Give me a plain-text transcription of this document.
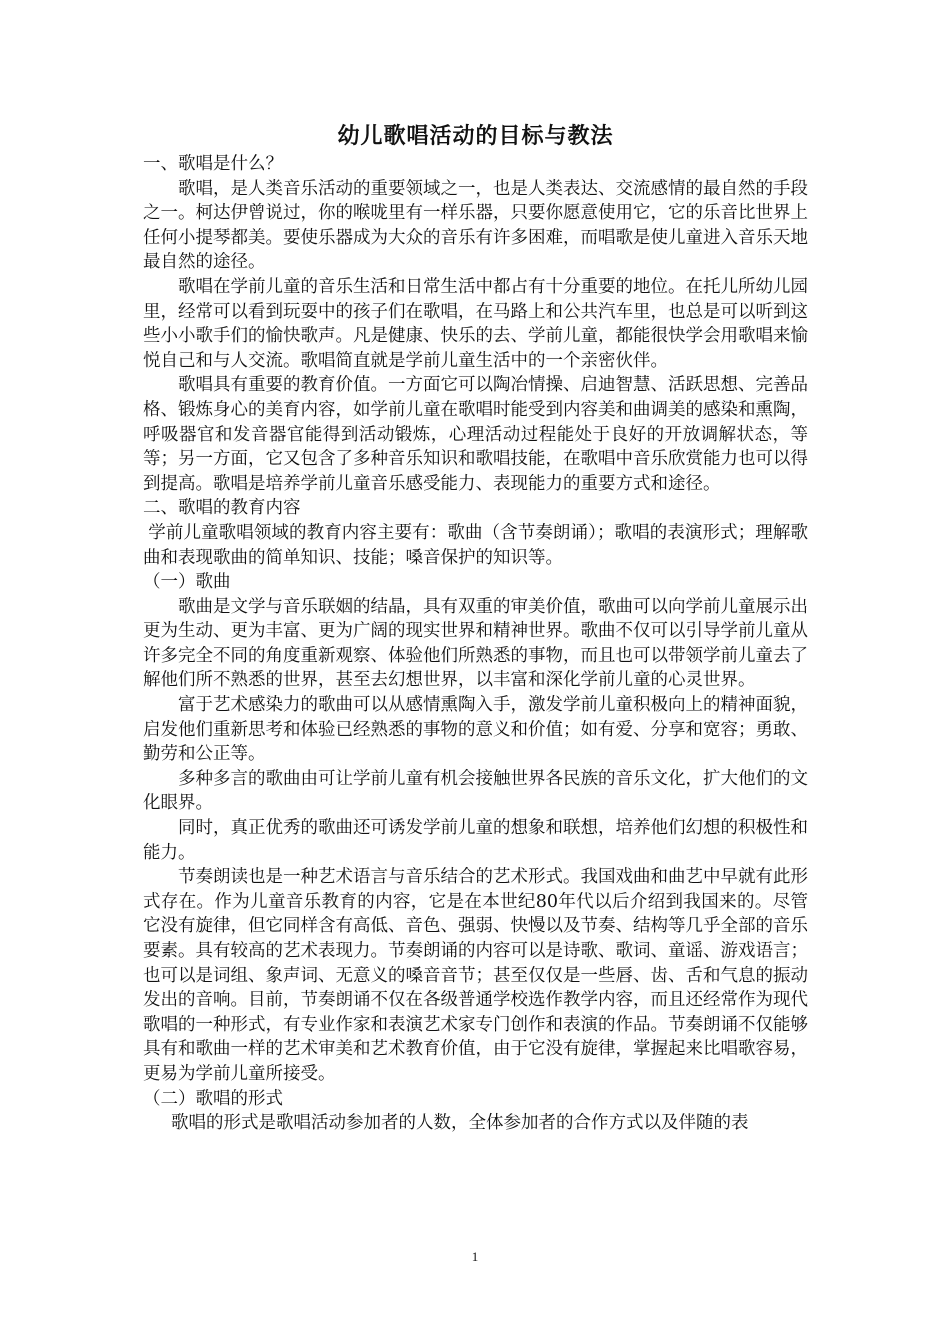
幼儿歌唱活动的目标与教法

一、歌唱是什么？

歌唱，是人类音乐活动的重要领域之一，也是人类表达、交流感情的最自然的手段之一。柯达伊曾说过，你的喉咙里有一样乐器，只要你愿意使用它，它的乐音比世界上任何小提琴都美。要使乐器成为大众的音乐有许多困难，而唱歌是使儿童进入音乐天地最自然的途径。

歌唱在学前儿童的音乐生活和日常生活中都占有十分重要的地位。在托儿所幼儿园里，经常可以看到玩耍中的孩子们在歌唱，在马路上和公共汽车里，也总是可以听到这些小小歌手们的愉快歌声。凡是健康、快乐的去、学前儿童，都能很快学会用歌唱来愉悦自己和与人交流。歌唱简直就是学前儿童生活中的一个亲密伙伴。

歌唱具有重要的教育价值。一方面它可以陶冶情操、启迪智慧、活跃思想、完善品格、锻炼身心的美育内容，如学前儿童在歌唱时能受到内容美和曲调美的感染和熏陶，呼吸器官和发音器官能得到活动锻炼，心理活动过程能处于良好的开放调解状态，等等；另一方面，它又包含了多种音乐知识和歌唱技能，在歌唱中音乐欣赏能力也可以得到提高。歌唱是培养学前儿童音乐感受能力、表现能力的重要方式和途径。

二、歌唱的教育内容

学前儿童歌唱领域的教育内容主要有：歌曲（含节奏朗诵）；歌唱的表演形式；理解歌曲和表现歌曲的简单知识、技能；嗓音保护的知识等。

（一）歌曲

歌曲是文学与音乐联姻的结晶，具有双重的审美价值，歌曲可以向学前儿童展示出更为生动、更为丰富、更为广阔的现实世界和精神世界。歌曲不仅可以引导学前儿童从许多完全不同的角度重新观察、体验他们所熟悉的事物，而且也可以带领学前儿童去了解他们所不熟悉的世界，甚至去幻想世界，以丰富和深化学前儿童的心灵世界。

富于艺术感染力的歌曲可以从感情熏陶入手，激发学前儿童积极向上的精神面貌，启发他们重新思考和体验已经熟悉的事物的意义和价值；如有爱、分享和宽容；勇敢、勤劳和公正等。

多种多言的歌曲由可让学前儿童有机会接触世界各民族的音乐文化，扩大他们的文化眼界。

同时，真正优秀的歌曲还可诱发学前儿童的想象和联想，培养他们幻想的积极性和能力。

节奏朗读也是一种艺术语言与音乐结合的艺术形式。我国戏曲和曲艺中早就有此形式存在。作为儿童音乐教育的内容，它是在本世纪80年代以后介绍到我国来的。尽管它没有旋律，但它同样含有高低、音色、强弱、快慢以及节奏、结构等几乎全部的音乐要素。具有较高的艺术表现力。节奏朗诵的内容可以是诗歌、歌词、童谣、游戏语言；也可以是词组、象声词、无意义的嗓音音节；甚至仅仅是一些唇、齿、舌和气息的振动发出的音响。目前，节奏朗诵不仅在各级普通学校选作教学内容，而且还经常作为现代歌唱的一种形式，有专业作家和表演艺术家专门创作和表演的作品。节奏朗诵不仅能够具有和歌曲一样的艺术审美和艺术教育价值，由于它没有旋律，掌握起来比唱歌容易，更易为学前儿童所接受。

（二）歌唱的形式

歌唱的形式是歌唱活动参加者的人数，全体参加者的合作方式以及伴随的表

1
